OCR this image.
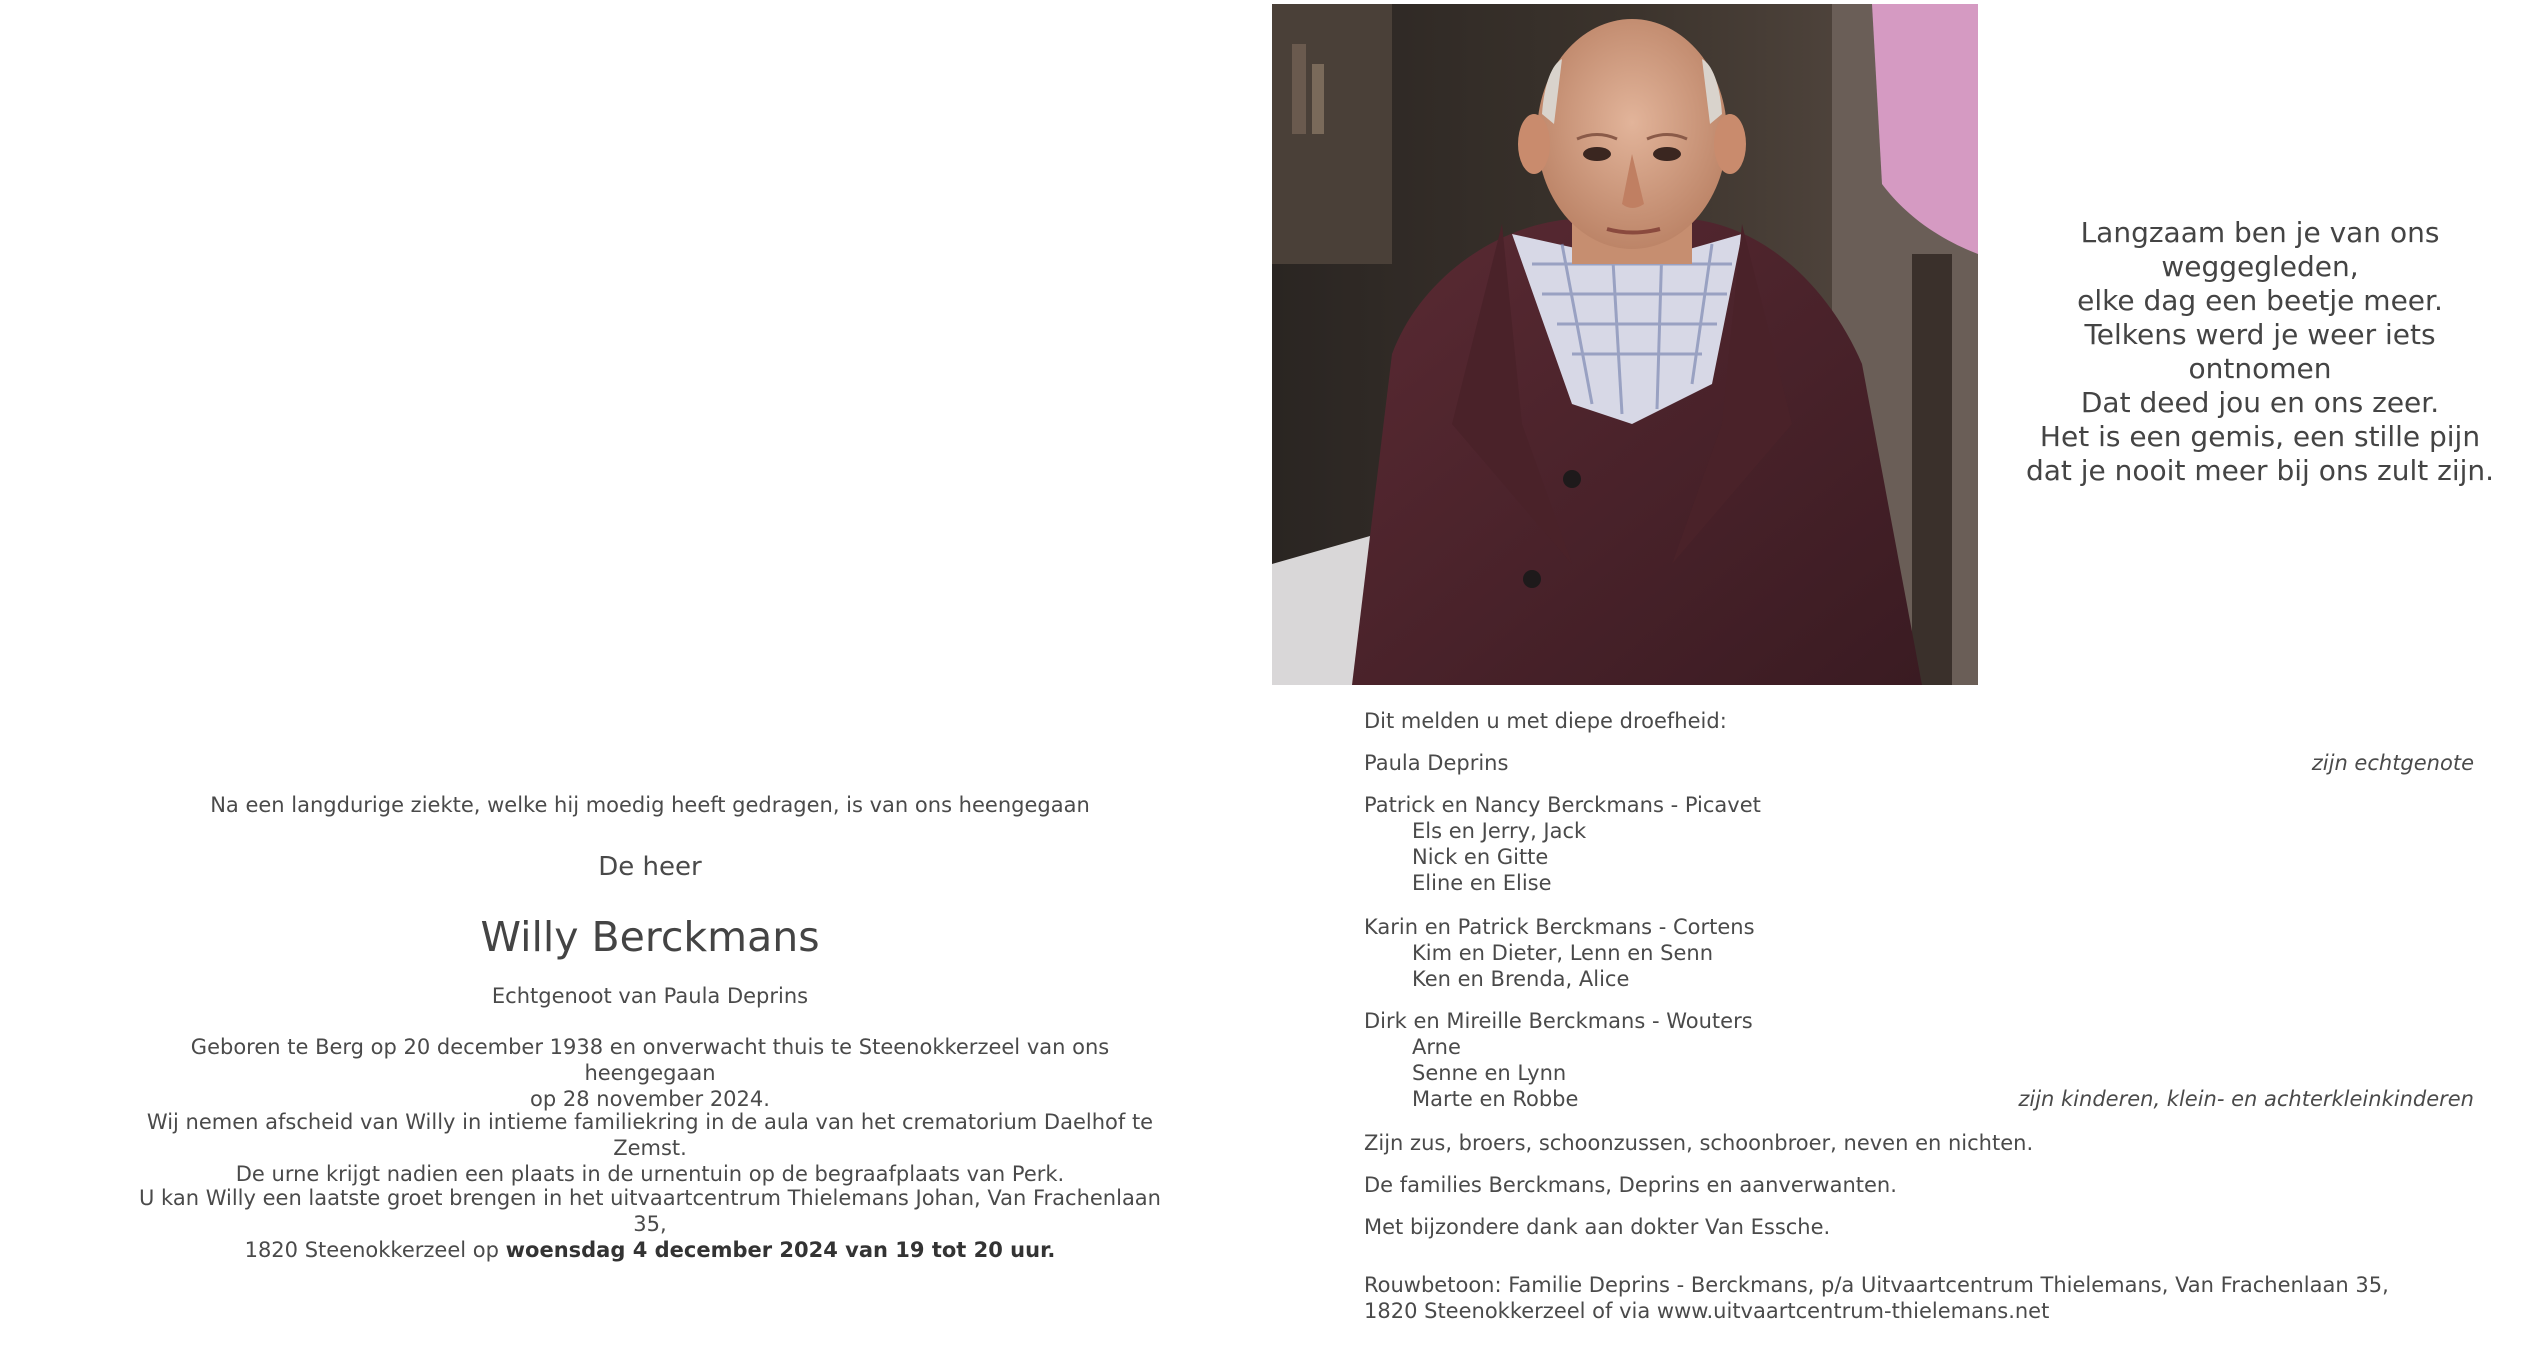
Na een langdurige ziekte, welke hij moedig heeft gedragen, is van ons heengegaan
De heer
Willy Berckmans
Echtgenoot van Paula Deprins
Geboren te Berg op 20 december 1938 en onverwacht thuis te Steenokkerzeel van ons heengegaan
op 28 november 2024.
Wij nemen afscheid van Willy in intieme familiekring in de aula van het crematorium Daelhof te Zemst.
De urne krijgt nadien een plaats in de urnentuin op de begraafplaats van Perk.
U kan Willy een laatste groet brengen in het uitvaartcentrum Thielemans Johan, Van Frachenlaan 35,
1820 Steenokkerzeel op woensdag 4 december 2024 van 19 tot 20 uur.
Langzaam ben je van ons
weggegleden,
elke dag een beetje meer.
Telkens werd je weer iets ontnomen
Dat deed jou en ons zeer.
Het is een gemis, een stille pijn
dat je nooit meer bij ons zult zijn.
Dit melden u met diepe droefheid:
Paula Deprins	zijn echtgenote
Patrick en Nancy Berckmans - Picavet
Els en Jerry, Jack
Nick en Gitte
Eline en Elise
Karin en Patrick Berckmans - Cortens
Kim en Dieter, Lenn en Senn
Ken en Brenda, Alice
Dirk en Mireille Berckmans - Wouters
Arne
Senne en Lynn
Marte en Robbe	zijn kinderen, klein- en achterkleinkinderen
Zijn zus, broers, schoonzussen, schoonbroer, neven en nichten.
De families Berckmans, Deprins en aanverwanten.
Met bijzondere dank aan dokter Van Essche.
Rouwbetoon: Familie Deprins - Berckmans, p/a Uitvaartcentrum Thielemans, Van Frachenlaan 35,
1820 Steenokkerzeel of via www.uitvaartcentrum-thielemans.net
